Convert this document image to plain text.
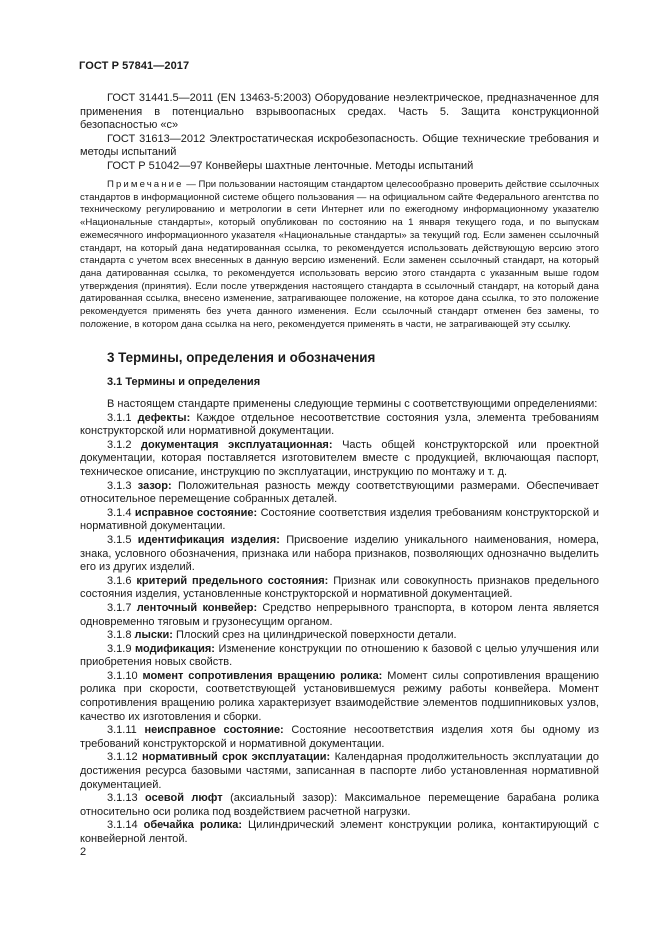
ГОСТ Р 57841—2017

ГОСТ 31441.5—2011 (EN 13463-5:2003) Оборудование неэлектрическое, предназначенное для применения в потенциально взрывоопасных средах. Часть 5. Защита конструкционной безопасностью «с»

ГОСТ 31613—2012 Электростатическая искробезопасность. Общие технические требования и методы испытаний

ГОСТ Р 51042—97 Конвейеры шахтные ленточные. Методы испытаний

Примечание — При пользовании настоящим стандартом целесообразно проверить действие ссылочных стандартов в информационной системе общего пользования — на официальном сайте Федерального агентства по техническому регулированию и метрологии в сети Интернет или по ежегодному информационному указателю «Национальные стандарты», который опубликован по состоянию на 1 января текущего года, и по выпускам ежемесячного информационного указателя «Национальные стандарты» за текущий год. Если заменен ссылочный стандарт, на который дана недатированная ссылка, то рекомендуется использовать действующую версию этого стандарта с учетом всех внесенных в данную версию изменений. Если заменен ссылочный стандарт, на который дана датированная ссылка, то рекомендуется использовать версию этого стандарта с указанным выше годом утверждения (принятия). Если после утверждения настоящего стандарта в ссылочный стандарт, на который дана датированная ссылка, внесено изменение, затрагивающее положение, на которое дана ссылка, то это положение рекомендуется применять без учета данного изменения. Если ссылочный стандарт отменен без замены, то положение, в котором дана ссылка на него, рекомендуется применять в части, не затрагивающей эту ссылку.

3 Термины, определения и обозначения
3.1 Термины и определения

В настоящем стандарте применены следующие термины с соответствующими определениями:

3.1.1 дефекты: Каждое отдельное несоответствие состояния узла, элемента требованиям конструкторской или нормативной документации.

3.1.2 документация эксплуатационная: Часть общей конструкторской или проектной документации, которая поставляется изготовителем вместе с продукцией, включающая паспорт, техническое описание, инструкцию по эксплуатации, инструкцию по монтажу и т. д.

3.1.3 зазор: Положительная разность между соответствующими размерами. Обеспечивает относительное перемещение собранных деталей.

3.1.4 исправное состояние: Состояние соответствия изделия требованиям конструкторской и нормативной документации.

3.1.5 идентификация изделия: Присвоение изделию уникального наименования, номера, знака, условного обозначения, признака или набора признаков, позволяющих однозначно выделить его из других изделий.

3.1.6 критерий предельного состояния: Признак или совокупность признаков предельного состояния изделия, установленные конструкторской и нормативной документацией.

3.1.7 ленточный конвейер: Средство непрерывного транспорта, в котором лента является одновременно тяговым и грузонесущим органом.

3.1.8 лыски: Плоский срез на цилиндрической поверхности детали.

3.1.9 модификация: Изменение конструкции по отношению к базовой с целью улучшения или приобретения новых свойств.

3.1.10 момент сопротивления вращению ролика: Момент силы сопротивления вращению ролика при скорости, соответствующей установившемуся режиму работы конвейера. Момент сопротивления вращению ролика характеризует взаимодействие элементов подшипниковых узлов, качество их изготовления и сборки.

3.1.11 неисправное состояние: Состояние несоответствия изделия хотя бы одному из требований конструкторской и нормативной документации.

3.1.12 нормативный срок эксплуатации: Календарная продолжительность эксплуатации до достижения ресурса базовыми частями, записанная в паспорте либо установленная нормативной документацией.

3.1.13 осевой люфт (аксиальный зазор): Максимальное перемещение барабана ролика относительно оси ролика под воздействием расчетной нагрузки.

3.1.14 обечайка ролика: Цилиндрический элемент конструкции ролика, контактирующий с конвейерной лентой.

2
